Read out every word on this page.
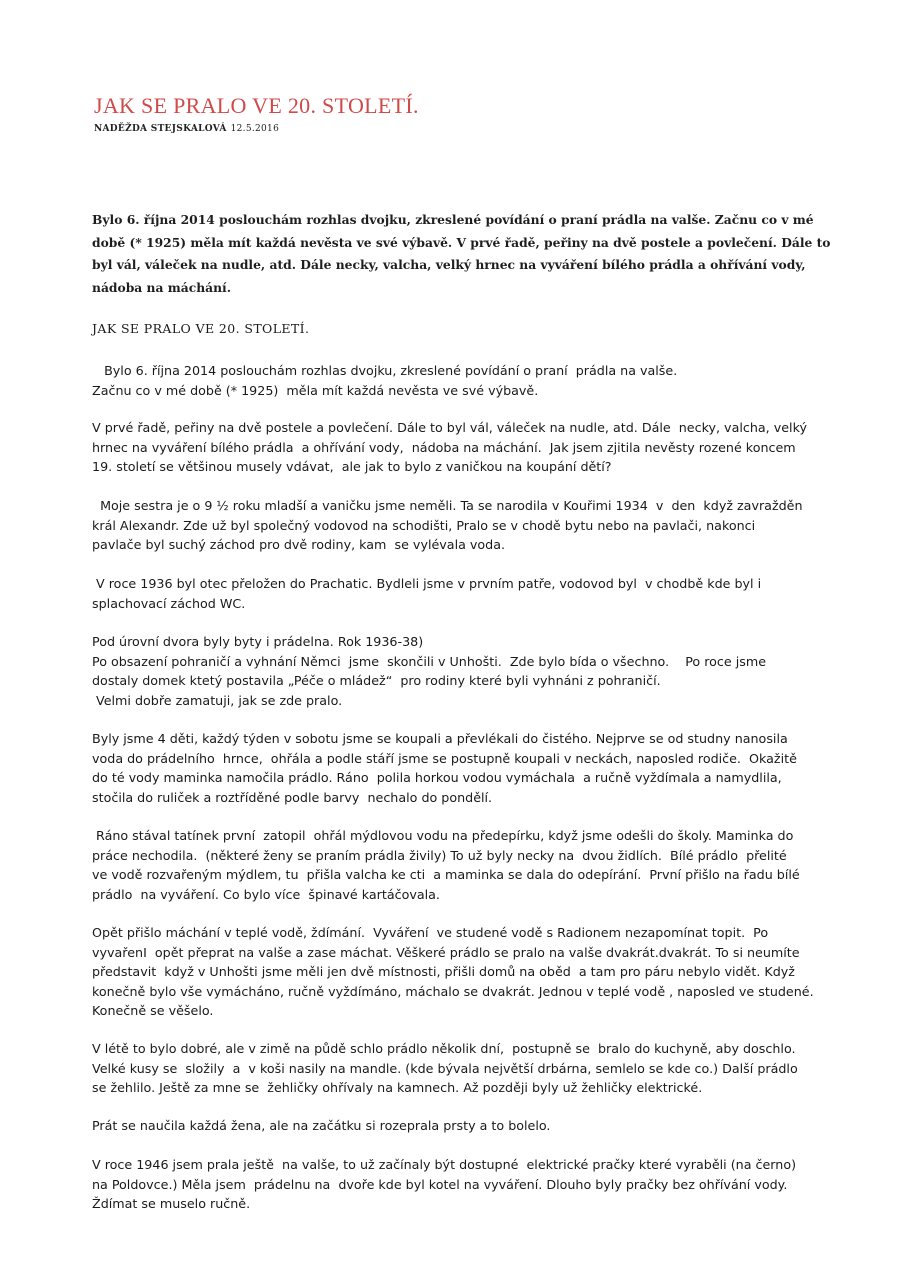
JAK SE PRALO VE 20. STOLETÍ.
NADĚŽDA STEJSKALOVÁ 12.5.2016
Bylo 6. října 2014 poslouchám rozhlas dvojku, zkreslené povídání o praní prádla na valše. Začnu co v mé
době (* 1925) měla mít každá nevěsta ve své výbavě. V prvé řadě, peřiny na dvě postele a povlečení. Dále to
byl vál, váleček na nudle, atd. Dále necky, valcha, velký hrnec na vyváření bílého prádla a ohřívání vody,
nádoba na máchání.
JAK SE PRALO VE 20. STOLETÍ.
Bylo 6. října 2014 poslouchám rozhlas dvojku, zkreslené povídání o praní  prádla na valše.
Začnu co v mé době (* 1925)  měla mít každá nevěsta ve své výbavě.
V prvé řadě, peřiny na dvě postele a povlečení. Dále to byl vál, váleček na nudle, atd. Dále  necky, valcha, velký
hrnec na vyváření bílého prádla  a ohřívání vody,  nádoba na máchání.  Jak jsem zjitila nevěsty rozené koncem
19. století se většinou musely vdávat,  ale jak to bylo z vaničkou na koupání dětí?
Moje sestra je o 9 ½ roku mladší a vaničku jsme neměli. Ta se narodila v Kouřimi 1934  v  den  když zavražděn
král Alexandr. Zde už byl společný vodovod na schodišti, Pralo se v chodě bytu nebo na pavlači, nakonci
pavlače byl suchý záchod pro dvě rodiny, kam  se vylévala voda.
V roce 1936 byl otec přeložen do Prachatic. Bydleli jsme v prvním patře, vodovod byl  v chodbě kde byl i
splachovací záchod WC.
Pod úrovní dvora byly byty i prádelna. Rok 1936-38)
Po obsazení pohraničí a vyhnání Němci  jsme  skončili v Unhošti.  Zde bylo bída o všechno.    Po roce jsme
dostaly domek ktetý postavila „Péče o mládež“  pro rodiny které byli vyhnáni z pohraničí.
Velmi dobře zamatuji, jak se zde pralo.
Byly jsme 4 děti, každý týden v sobotu jsme se koupali a převlékali do čistého. Nejprve se od studny nanosila
voda do prádelního  hrnce,  ohřála a podle stáří jsme se postupně koupali v neckách, naposled rodiče.  Okažitě
do té vody maminka namočila prádlo. Ráno  polila horkou vodou vymáchala  a ručně vyždímala a namydlila,
stočila do ruliček a roztříděné podle barvy  nechalo do pondělí.
Ráno stával tatínek první  zatopil  ohřál mýdlovou vodu na předepírku, když jsme odešli do školy. Maminka do
práce nechodila.  (některé ženy se praním prádla živily) To už byly necky na  dvou židlích.  Bílé prádlo  přelité
ve vodě rozvařeným mýdlem, tu  přišla valcha ke cti  a maminka se dala do odepírání.  První přišlo na řadu bílé
prádlo  na vyváření. Co bylo více  špinavé kartáčovala.
Opět přišlo máchání v teplé vodě, ždímání.  Vyváření  ve studené vodě s Radionem nezapomínat topit.  Po
vyvařenI  opět přeprat na valše a zase máchat. Věškeré prádlo se pralo na valše dvakrát.dvakrát. To si neumíte
představit  když v Unhošti jsme měli jen dvě místnosti, přišli domů na oběd  a tam pro páru nebylo vidět. Když
konečně bylo vše vymácháno, ručně vyždímáno, máchalo se dvakrát. Jednou v teplé vodě , naposled ve studené.
Konečně se věšelo.
V létě to bylo dobré, ale v zimě na půdě schlo prádlo několik dní,  postupně se  bralo do kuchyně, aby doschlo.
Velké kusy se  složily  a  v koši nasily na mandle. (kde bývala největší drbárna, semlelo se kde co.) Další prádlo
se žehlilo. Ještě za mne se  žehličky ohřívaly na kamnech. Až později byly už žehličky elektrické.
Prát se naučila každá žena, ale na začátku si rozeprala prsty a to bolelo.
V roce 1946 jsem prala ještě  na valše, to už začínaly být dostupné  elektrické pračky které vyraběli (na černo)
na Poldovce.) Měla jsem  prádelnu na  dvoře kde byl kotel na vyváření. Dlouho byly pračky bez ohřívání vody.
Ždímat se muselo ručně.
